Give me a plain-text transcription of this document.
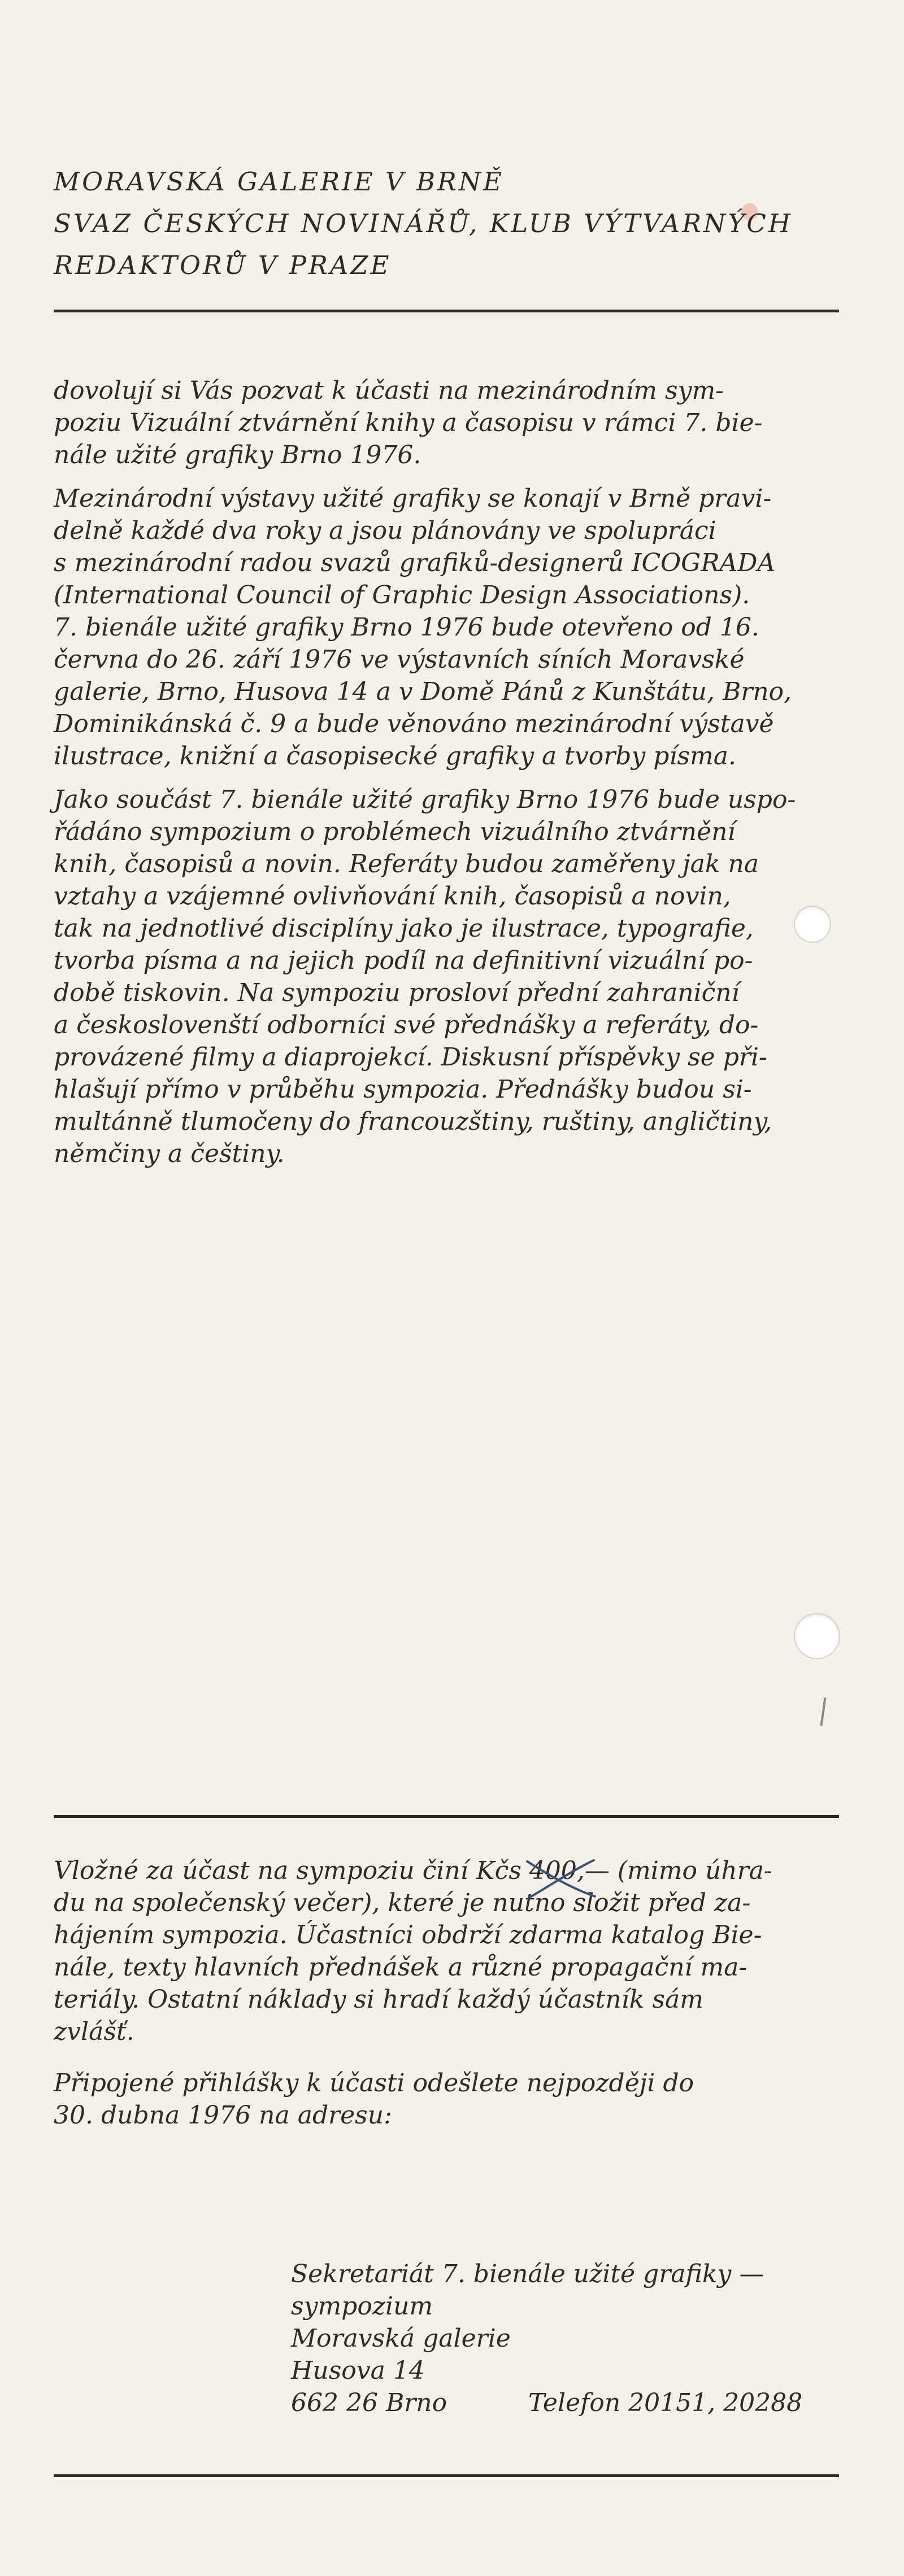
MORAVSKÁ GALERIE V BRNĚ
SVAZ ČESKÝCH NOVINÁŘŮ, KLUB VÝTVARNÝCH
REDAKTORŮ V PRAZE

dovolují si Vás pozvat k účasti na mezinárodním sym-
poziu Vizuální ztvárnění knihy a časopisu v rámci 7. bie-
nále užité grafiky Brno 1976.

Mezinárodní výstavy užité grafiky se konají v Brně pravi-
delně každé dva roky a jsou plánovány ve spolupráci
s mezinárodní radou svazů grafiků-designerů ICOGRADA
(International Council of Graphic Design Associations).
7. bienále užité grafiky Brno 1976 bude otevřeno od 16.
června do 26. září 1976 ve výstavních síních Moravské
galerie, Brno, Husova 14 a v Domě Pánů z Kunštátu, Brno,
Dominikánská č. 9 a bude věnováno mezinárodní výstavě
ilustrace, knižní a časopisecké grafiky a tvorby písma.

Jako součást 7. bienále užité grafiky Brno 1976 bude uspo-
řádáno sympozium o problémech vizuálního ztvárnění
knih, časopisů a novin. Referáty budou zaměřeny jak na
vztahy a vzájemné ovlivňování knih, časopisů a novin,
tak na jednotlivé disciplíny jako je ilustrace, typografie,
tvorba písma a na jejich podíl na definitivní vizuální po-
době tiskovin. Na sympoziu prosloví přední zahraniční
a českoslovenští odborníci své přednášky a referáty, do-
provázené filmy a diaprojekcí. Diskusní příspěvky se při-
hlašují přímo v průběhu sympozia. Přednášky budou si-
multánně tlumočeny do francouzštiny, ruštiny, angličtiny,
němčiny a češtiny.

Vložné za účast na sympoziu činí Kčs 400,— (mimo úhra-
du na společenský večer), které je nutno složit před za-
hájením sympozia. Účastníci obdrží zdarma katalog Bie-
nále, texty hlavních přednášek a různé propagační ma-
teriály. Ostatní náklady si hradí každý účastník sám
zvlášť.

Připojené přihlášky k účasti odešlete nejpozději do
30. dubna 1976 na adresu:

Sekretariát 7. bienále užité grafiky —
sympozium
Moravská galerie
Husova 14
662 26 Brno	Telefon 20151, 20288
